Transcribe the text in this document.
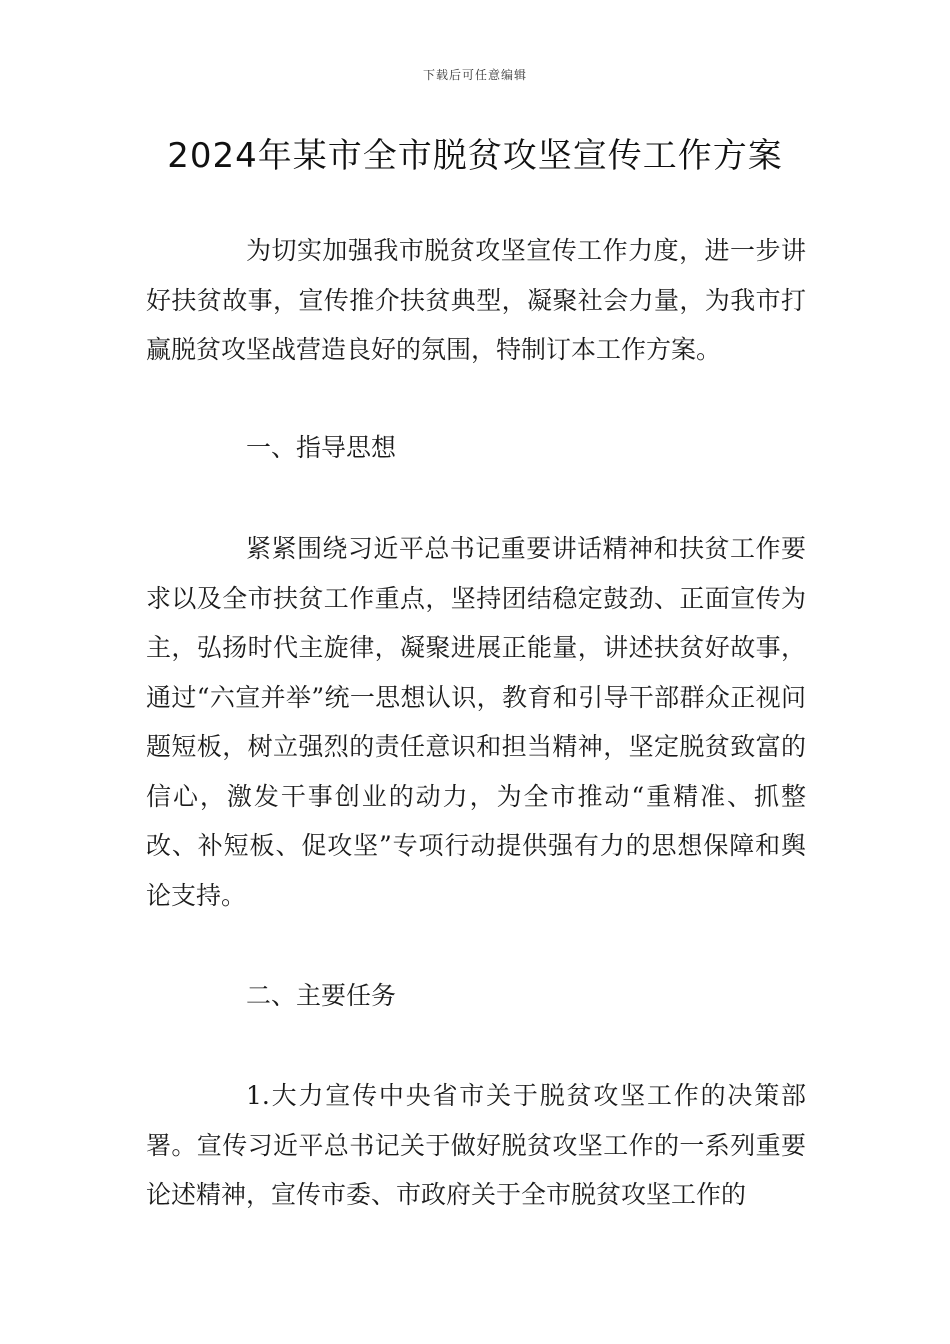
下载后可任意编辑
2024年某市全市脱贫攻坚宣传工作方案

为切实加强我市脱贫攻坚宣传工作力度，进一步讲好扶贫故事，宣传推介扶贫典型，凝聚社会力量，为我市打赢脱贫攻坚战营造良好的氛围，特制订本工作方案。

一、指导思想

紧紧围绕习近平总书记重要讲话精神和扶贫工作要求以及全市扶贫工作重点，坚持团结稳定鼓劲、正面宣传为主，弘扬时代主旋律，凝聚进展正能量，讲述扶贫好故事，通过“六宣并举”统一思想认识，教育和引导干部群众正视问题短板，树立强烈的责任意识和担当精神，坚定脱贫致富的信心，激发干事创业的动力，为全市推动“重精准、抓整改、补短板、促攻坚”专项行动提供强有力的思想保障和舆论支持。

二、主要任务

1.大力宣传中央省市关于脱贫攻坚工作的决策部署。宣传习近平总书记关于做好脱贫攻坚工作的一系列重要论述精神，宣传市委、市政府关于全市脱贫攻坚工作的
